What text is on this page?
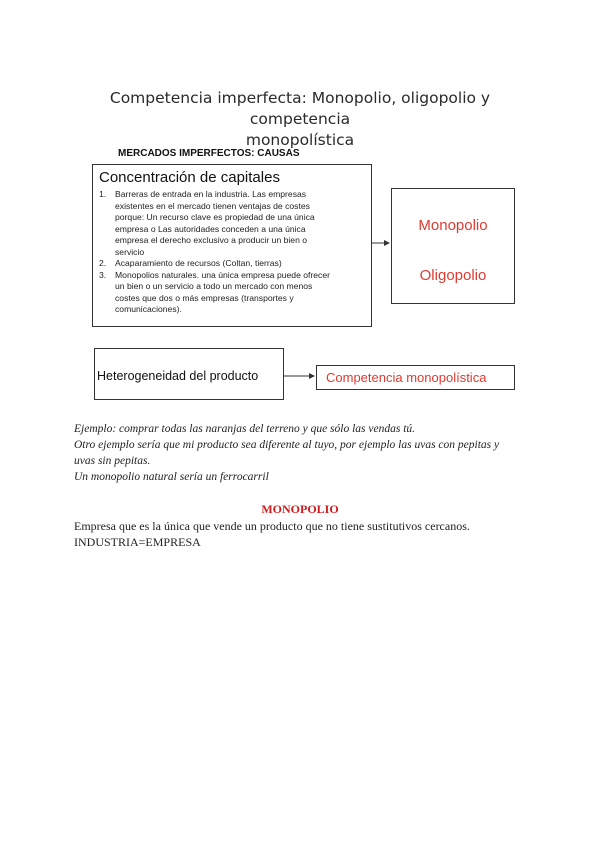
Competencia imperfecta: Monopolio, oligopolio y competencia
monopolística
MERCADOS IMPERFECTOS: CAUSAS
Concentración de capitales
1. Barreras de entrada en la industria. Las empresas
existentes en el mercado tienen ventajas de costes
porque: Un recurso clave es propiedad de una única
empresa o Las autoridades conceden a una única
empresa el derecho exclusivo a producir un bien o
servicio
2. Acaparamiento de recursos (Coltan, tierras)
3. Monopolios naturales. una única empresa puede ofrecer
un bien o un servicio a todo un mercado con menos
costes que dos o más empresas (transportes y
comunicaciones).
Monopolio
Oligopolio
Heterogeneidad del producto	Competencia monopolística

Ejemplo: comprar todas las naranjas del terreno y que sólo las vendas tú.

Otro ejemplo sería que mi producto sea diferente al tuyo, por ejemplo las uvas con pepitas y

uvas sin pepitas.

Un monopolio natural sería un ferrocarril

MONOPOLIO

Empresa que es la única que vende un producto que no tiene sustitutivos cercanos.

INDUSTRIA=EMPRESA
